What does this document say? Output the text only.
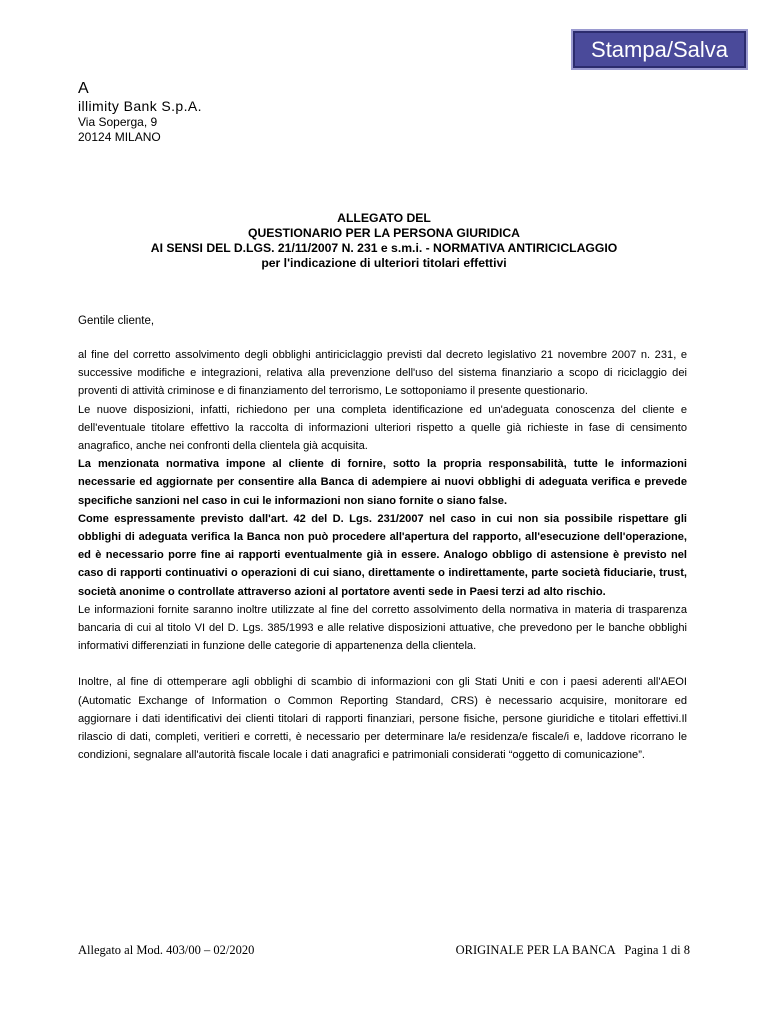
Stampa/Salva
A
illimity Bank S.p.A.
Via Soperga, 9
20124 MILANO
ALLEGATO DEL
QUESTIONARIO PER LA PERSONA GIURIDICA
AI SENSI DEL D.LGS. 21/11/2007 N. 231 e s.m.i. - NORMATIVA ANTIRICICLAGGIO
per l'indicazione di ulteriori titolari effettivi
Gentile cliente,

al fine del corretto assolvimento degli obblighi antiriciclaggio previsti dal decreto legislativo 21 novembre 2007 n. 231, e successive modifiche e integrazioni, relativa alla prevenzione dell'uso del sistema finanziario a scopo di riciclaggio dei proventi di attività criminose e di finanziamento del terrorismo, Le sottoponiamo il presente questionario.

Le nuove disposizioni, infatti, richiedono per una completa identificazione ed un'adeguata conoscenza del cliente e dell'eventuale titolare effettivo la raccolta di informazioni ulteriori rispetto a quelle già richieste in fase di censimento anagrafico, anche nei confronti della clientela già acquisita.

La menzionata normativa impone al cliente di fornire, sotto la propria responsabilità, tutte le informazioni necessarie ed aggiornate per consentire alla Banca di adempiere ai nuovi obblighi di adeguata verifica e prevede specifiche sanzioni nel caso in cui le informazioni non siano fornite o siano false.

Come espressamente previsto dall'art. 42 del D. Lgs. 231/2007 nel caso in cui non sia possibile rispettare gli obblighi di adeguata verifica la Banca non può procedere all'apertura del rapporto, all'esecuzione dell'operazione, ed è necessario porre fine ai rapporti eventualmente già in essere. Analogo obbligo di astensione è previsto nel caso di rapporti continuativi o operazioni di cui siano, direttamente o indirettamente, parte società fiduciarie, trust, società anonime o controllate attraverso azioni al portatore aventi sede in Paesi terzi ad alto rischio.

Le informazioni fornite saranno inoltre utilizzate al fine del corretto assolvimento della normativa in materia di trasparenza bancaria di cui al titolo VI del D. Lgs. 385/1993 e alle relative disposizioni attuative, che prevedono per le banche obblighi informativi differenziati in funzione delle categorie di appartenenza della clientela.

Inoltre, al fine di ottemperare agli obblighi di scambio di informazioni con gli Stati Uniti e con i paesi aderenti all'AEOI (Automatic Exchange of Information o Common Reporting Standard, CRS) è necessario acquisire, monitorare ed aggiornare i dati identificativi dei clienti titolari di rapporti finanziari, persone fisiche, persone giuridiche e titolari effettivi.Il rilascio di dati, completi, veritieri e corretti, è necessario per determinare la/e residenza/e fiscale/i e, laddove ricorrano le condizioni, segnalare all'autorità fiscale locale i dati anagrafici e patrimoniali considerati “oggetto di comunicazione”.

Allegato al Mod. 403/00 – 02/2020	ORIGINALE PER LA BANCA   Pagina 1 di 8
